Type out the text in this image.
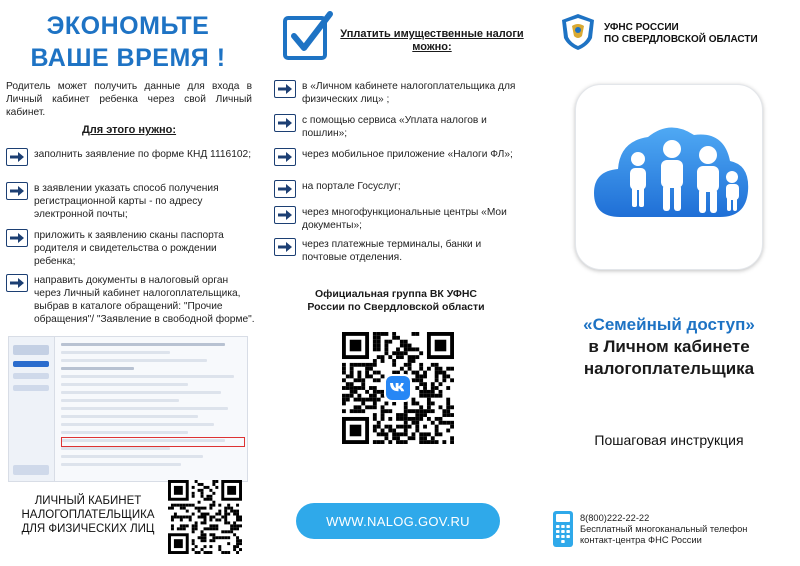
ЭКОНОМЬТЕ
ВАШЕ ВРЕМЯ !

Родитель может получить данные для входа в Личный кабинет ребенка через свой Личный кабинет.

Для этого нужно:
заполнить заявление по форме КНД 1116102;
в заявлении указать способ получения регистрационной карты - по адресу электронной почты;
приложить к заявлению сканы паспорта родителя и свидетельства о рождении ребенка;
направить документы в налоговый орган через Личный кабинет налогоплательщика, выбрав в каталоге обращений: "Прочие обращения"/ "Заявление в свободной форме".
ЛИЧНЫЙ КАБИНЕТ НАЛОГОПЛАТЕЛЬЩИКА ДЛЯ ФИЗИЧЕСКИХ ЛИЦ
Уплатить имущественные налоги можно:
в «Личном кабинете налогоплательщика для физических лиц» ;
с помощью сервиса «Уплата налогов и пошлин»;
через мобильное приложение «Налоги ФЛ»;
на портале Госуслуг;
через многофункциональные центры «Мои документы»;
через платежные терминалы, банки и почтовые отделения.
Официальная группа ВК УФНС России по Свердловской области
WWW.NALOG.GOV.RU
УФНС РОССИИ
ПО СВЕРДЛОВСКОЙ ОБЛАСТИ
«Семейный доступ»
в Личном кабинете
налогоплательщика
Пошаговая инструкция
8(800)222-22-22
Бесплатный многоканальный телефон
контакт-центра ФНС России
